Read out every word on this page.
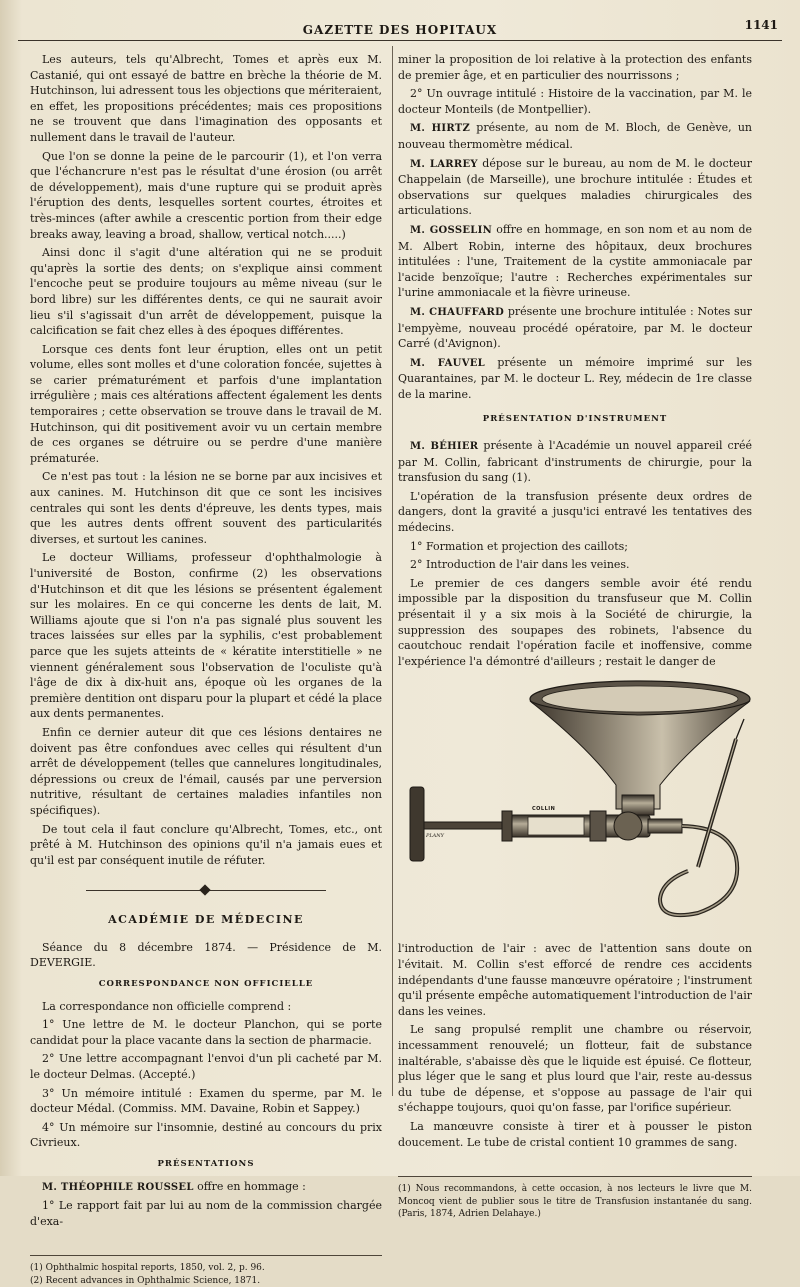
GAZETTE DES HOPITAUX	1141

Les auteurs, tels qu'Albrecht, Tomes et après eux M. Castanié, qui ont essayé de battre en brèche la théorie de M. Hutchinson, lui adressent tous les objections que mériteraient, en effet, les propositions précédentes; mais ces propositions ne se trouvent que dans l'imagination des opposants et nullement dans le travail de l'auteur.

Que l'on se donne la peine de le parcourir (1), et l'on verra que l'échancrure n'est pas le résultat d'une érosion (ou arrêt de développement), mais d'une rupture qui se produit après l'éruption des dents, lesquelles sortent courtes, étroites et très-minces (after awhile a crescentic portion from their edge breaks away, leaving a broad, shallow, vertical notch.....)

Ainsi donc il s'agit d'une altération qui ne se produit qu'après la sortie des dents; on s'explique ainsi comment l'encoche peut se produire toujours au même niveau (sur le bord libre) sur les différentes dents, ce qui ne saurait avoir lieu s'il s'agissait d'un arrêt de développement, puisque la calcification se fait chez elles à des époques différentes.

Lorsque ces dents font leur éruption, elles ont un petit volume, elles sont molles et d'une coloration foncée, sujettes à se carier prématurément et parfois d'une implantation irrégulière ; mais ces altérations affectent également les dents temporaires ; cette observation se trouve dans le travail de M. Hutchinson, qui dit positivement avoir vu un certain membre de ces organes se détruire ou se perdre d'une manière prématurée.

Ce n'est pas tout : la lésion ne se borne par aux incisives et aux canines. M. Hutchinson dit que ce sont les incisives centrales qui sont les dents d'épreuve, les dents types, mais que les autres dents offrent souvent des particularités diverses, et surtout les canines.

Le docteur Williams, professeur d'ophthalmologie à l'université de Boston, confirme (2) les observations d'Hutchinson et dit que les lésions se présentent également sur les molaires. En ce qui concerne les dents de lait, M. Williams ajoute que si l'on n'a pas signalé plus souvent les traces laissées sur elles par la syphilis, c'est probablement parce que les sujets atteints de « kératite interstitielle » ne viennent généralement sous l'observation de l'oculiste qu'à l'âge de dix à dix-huit ans, époque où les organes de la première dentition ont disparu pour la plupart et cédé la place aux dents permanentes.

Enfin ce dernier auteur dit que ces lésions dentaires ne doivent pas être confondues avec celles qui résultent d'un arrêt de développement (telles que cannelures longitudinales, dépressions ou creux de l'émail, causés par une perversion nutritive, résultant de certaines maladies infantiles non spécifiques).

De tout cela il faut conclure qu'Albrecht, Tomes, etc., ont prêté à M. Hutchinson des opinions qu'il n'a jamais eues et qu'il est par conséquent inutile de réfuter.

ACADÉMIE DE MÉDECINE

Séance du 8 décembre 1874. — Présidence de M. DEVERGIE.

CORRESPONDANCE NON OFFICIELLE

La correspondance non officielle comprend :

1° Une lettre de M. le docteur Planchon, qui se porte candidat pour la place vacante dans la section de pharmacie.

2° Une lettre accompagnant l'envoi d'un pli cacheté par M. le docteur Delmas. (Accepté.)

3° Un mémoire intitulé : Examen du sperme, par M. le docteur Médal. (Commiss. MM. Davaine, Robin et Sappey.)

4° Un mémoire sur l'insomnie, destiné au concours du prix Civrieux.

PRÉSENTATIONS

M. THÉOPHILE ROUSSEL offre en hommage :

1° Le rapport fait par lui au nom de la commission chargée d'exa-

(1) Ophthalmic hospital reports, 1850, vol. 2, p. 96.

(2) Recent advances in Ophthalmic Science, 1871.

miner la proposition de loi relative à la protection des enfants de premier âge, et en particulier des nourrissons ;

2° Un ouvrage intitulé : Histoire de la vaccination, par M. le docteur Monteils (de Montpellier).

M. HIRTZ présente, au nom de M. Bloch, de Genève, un nouveau thermomètre médical.

M. LARREY dépose sur le bureau, au nom de M. le docteur Chappelain (de Marseille), une brochure intitulée : Études et observations sur quelques maladies chirurgicales des articulations.

M. GOSSELIN offre en hommage, en son nom et au nom de M. Albert Robin, interne des hôpitaux, deux brochures intitulées : l'une, Traitement de la cystite ammoniacale par l'acide benzoïque; l'autre : Recherches expérimentales sur l'urine ammoniacale et la fièvre urineuse.

M. CHAUFFARD présente une brochure intitulée : Notes sur l'empyème, nouveau procédé opératoire, par M. le docteur Carré (d'Avignon).

M. FAUVEL présente un mémoire imprimé sur les Quarantaines, par M. le docteur L. Rey, médecin de 1re classe de la marine.

PRÉSENTATION D'INSTRUMENT

M. BÉHIER présente à l'Académie un nouvel appareil créé par M. Collin, fabricant d'instruments de chirurgie, pour la transfusion du sang (1).

L'opération de la transfusion présente deux ordres de dangers, dont la gravité a jusqu'ici entravé les tentatives des médecins.

1° Formation et projection des caillots;

2° Introduction de l'air dans les veines.

Le premier de ces dangers semble avoir été rendu impossible par la disposition du transfuseur que M. Collin présentait il y a six mois à la Société de chirurgie, la suppression des soupapes des robinets, l'absence du caoutchouc rendait l'opération facile et inoffensive, comme l'expérience l'a démontré d'ailleurs ; restait le danger de

COLLIN
PLANY

l'introduction de l'air : avec de l'attention sans doute on l'évitait. M. Collin s'est efforcé de rendre ces accidents indépendants d'une fausse manœuvre opératoire ; l'instrument qu'il présente empêche automatiquement l'introduction de l'air dans les veines.

Le sang propulsé remplit une chambre ou réservoir, incessamment renouvelé; un flotteur, fait de substance inaltérable, s'abaisse dès que le liquide est épuisé. Ce flotteur, plus léger que le sang et plus lourd que l'air, reste au-dessus du tube de dépense, et s'oppose au passage de l'air qui s'échappe toujours, quoi qu'on fasse, par l'orifice supérieur.

La manœuvre consiste à tirer et à pousser le piston doucement. Le tube de cristal contient 10 grammes de sang.

(1) Nous recommandons, à cette occasion, à nos lecteurs le livre que M. Moncoq vient de publier sous le titre de Transfusion instantanée du sang. (Paris, 1874, Adrien Delahaye.)
